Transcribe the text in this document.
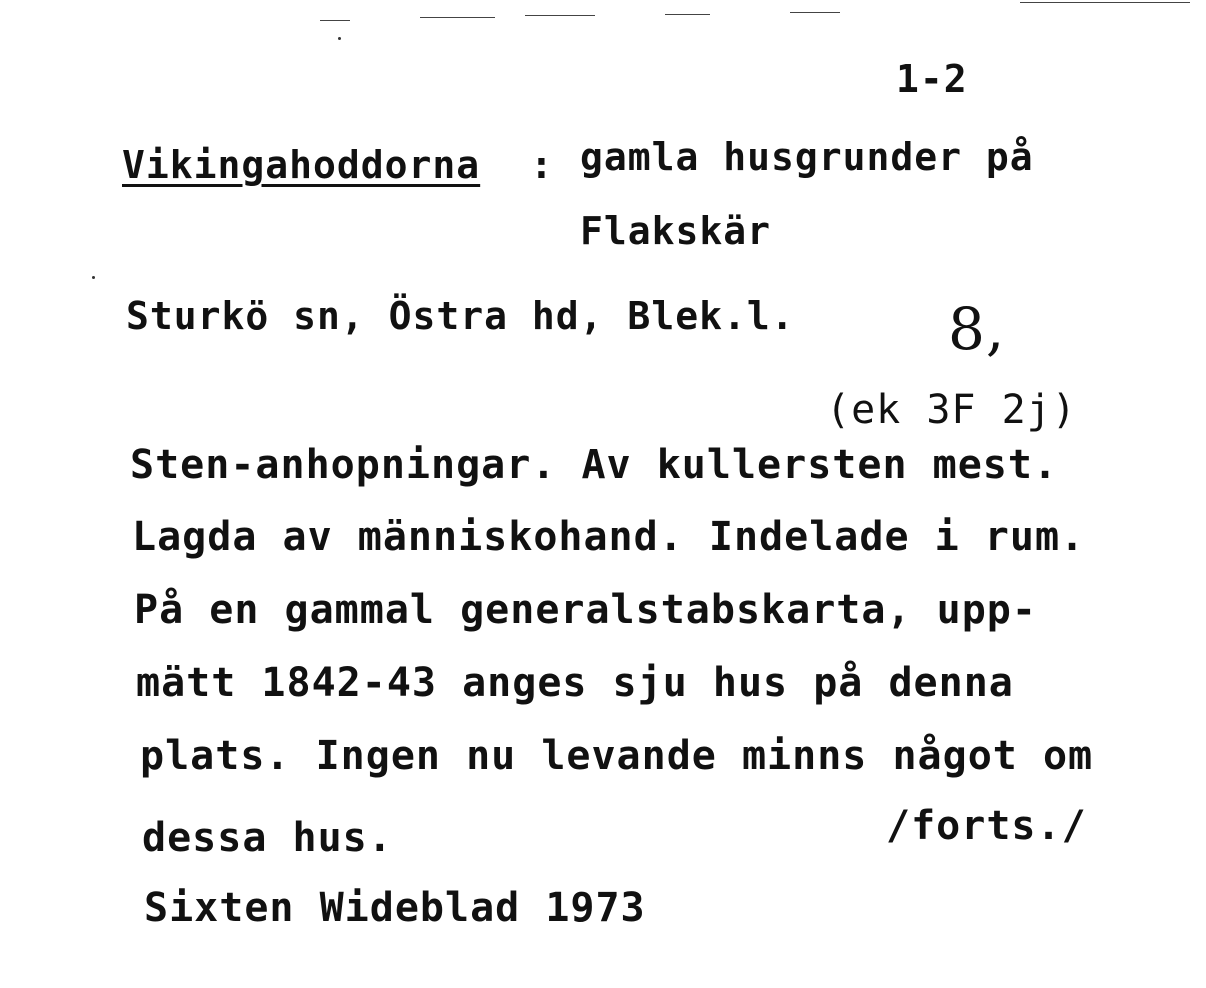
1-2
Vikingahoddorna : gamla husgrunder på
Flakskär
Sturkö sn, Östra hd, Blek.l.	8,
(ek 3F 2j)
Sten-anhopningar. Av kullersten mest.
Lagda av människohand. Indelade i rum.
På en gammal generalstabskarta, upp-
mätt 1842-43 anges sju hus på denna
plats. Ingen nu levande minns något om
dessa hus.	/forts./
Sixten Wideblad 1973
